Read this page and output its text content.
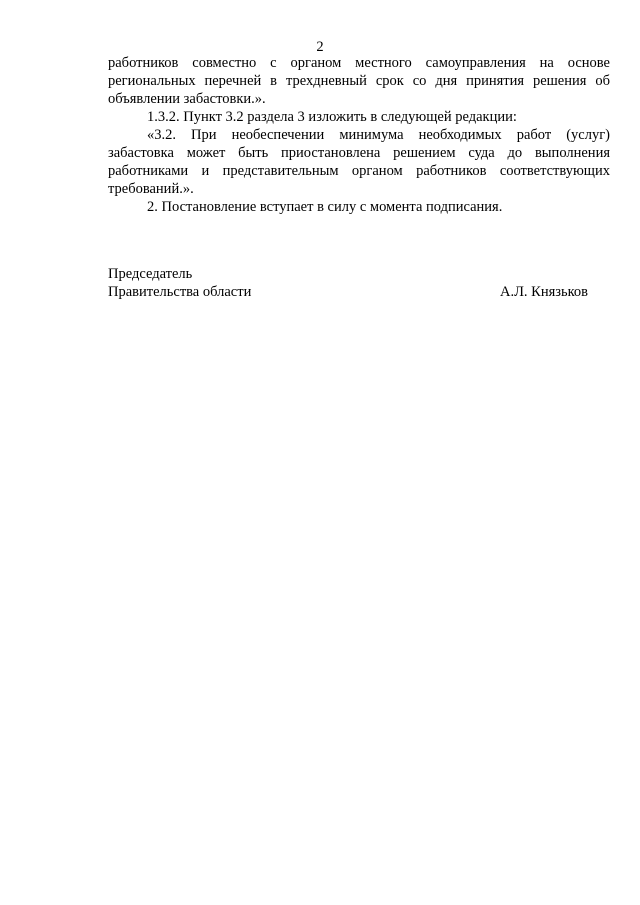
2

работников совместно с органом местного самоуправления на основе региональных перечней в трехдневный срок со дня принятия решения об объявлении забастовки.».

1.3.2. Пункт 3.2 раздела 3 изложить в следующей редакции:

«3.2. При необеспечении минимума необходимых работ (услуг) забастовка может быть приостановлена решением суда до выполнения работниками и представительным органом работников соответствующих требований.».

2. Постановление вступает в силу с момента подписания.

Председатель
Правительства области	А.Л. Князьков
